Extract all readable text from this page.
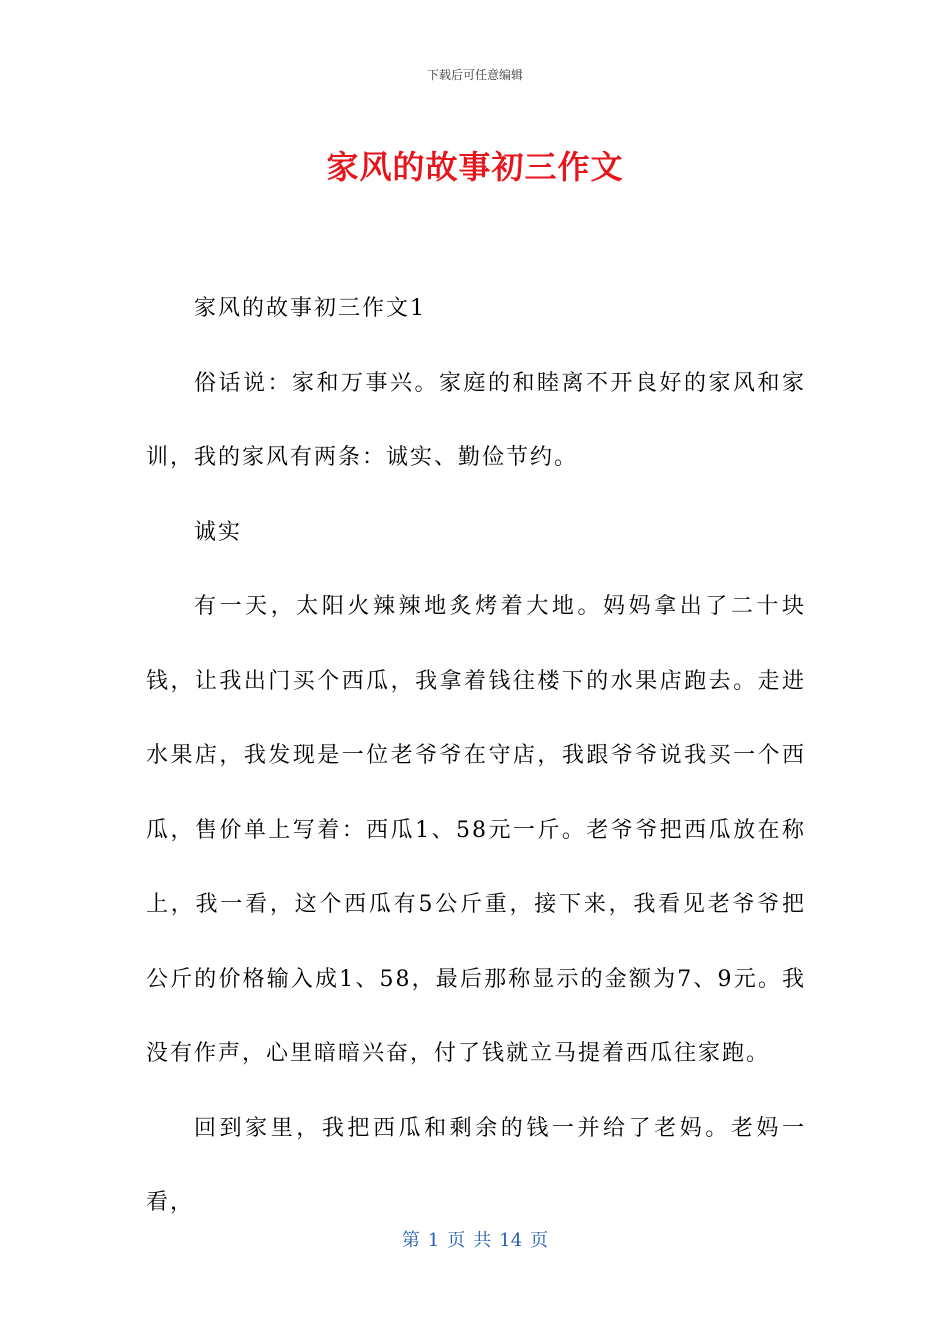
下载后可任意编辑
家风的故事初三作文

家风的故事初三作文1

俗话说：家和万事兴。家庭的和睦离不开良好的家风和家训，我的家风有两条：诚实、勤俭节约。

诚实

有一天，太阳火辣辣地炙烤着大地。妈妈拿出了二十块钱，让我出门买个西瓜，我拿着钱往楼下的水果店跑去。走进水果店，我发现是一位老爷爷在守店，我跟爷爷说我买一个西瓜，售价单上写着：西瓜1、58元一斤。老爷爷把西瓜放在称上，我一看，这个西瓜有5公斤重，接下来，我看见老爷爷把公斤的价格输入成1、58，最后那称显示的金额为7、9元。我没有作声，心里暗暗兴奋，付了钱就立马提着西瓜往家跑。

回到家里，我把西瓜和剩余的钱一并给了老妈。老妈一看，

第 1 页 共 14 页
